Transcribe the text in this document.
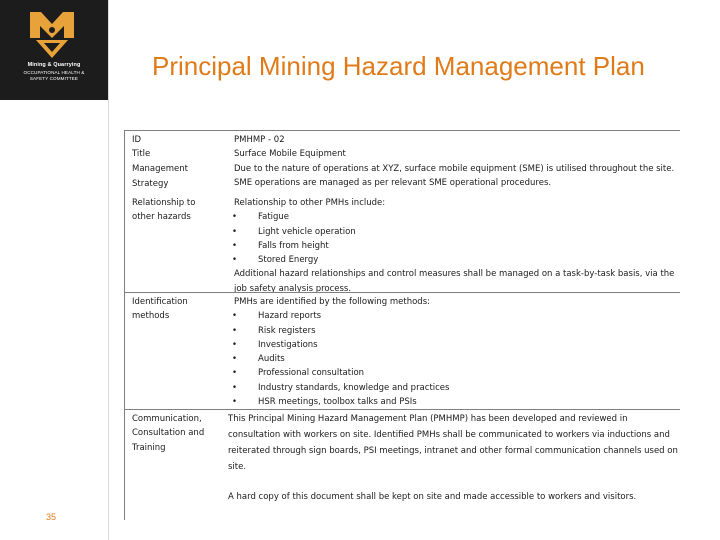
Mining & Quarrying
OCCUPATIONAL HEALTH &
SAFETY COMMITTEE
35
Principal Mining Hazard Management Plan
ID
Title
Management
Strategy
PMHMP - 02
Surface Mobile Equipment
Due to the nature of operations at XYZ, surface mobile equipment (SME) is utilised throughout the site. SME operations are managed as per relevant SME operational procedures.
Relationship to
other hazards
Relationship to other PMHs include:
• Fatigue
• Light vehicle operation
• Falls from height
• Stored Energy
Additional hazard relationships and control measures shall be managed on a task-by-task basis, via the job safety analysis process.
Identification
methods
PMHs are identified by the following methods:
• Hazard reports
• Risk registers
• Investigations
• Audits
• Professional consultation
• Industry standards, knowledge and practices
• HSR meetings, toolbox talks and PSIs
Communication,
Consultation and
Training
This Principal Mining Hazard Management Plan (PMHMP) has been developed and reviewed in consultation with workers on site. Identified PMHs shall be communicated to workers via inductions and reiterated through sign boards, PSI meetings, intranet and other formal communication channels used on site.
A hard copy of this document shall be kept on site and made accessible to workers and visitors.
